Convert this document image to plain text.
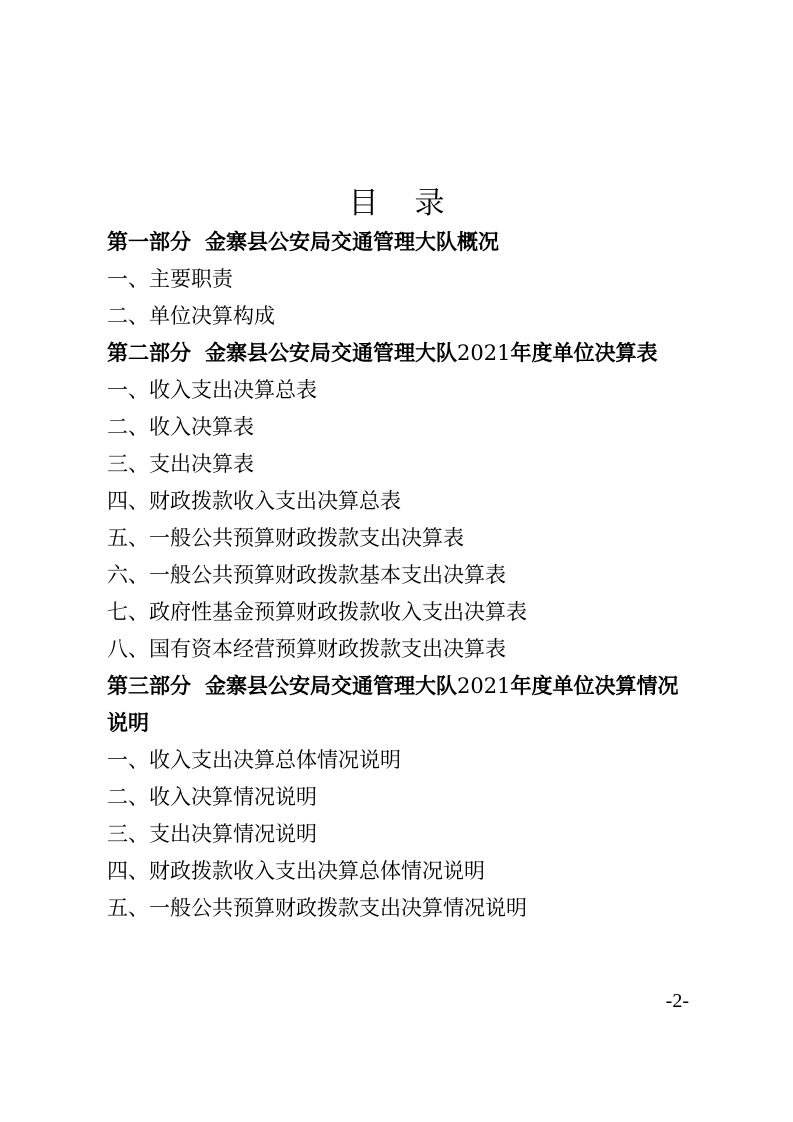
目 录
第一部分 金寨县公安局交通管理大队概况
一、主要职责
二、单位决算构成
第二部分 金寨县公安局交通管理大队2021年度单位决算表
一、收入支出决算总表
二、收入决算表
三、支出决算表
四、财政拨款收入支出决算总表
五、一般公共预算财政拨款支出决算表
六、一般公共预算财政拨款基本支出决算表
七、政府性基金预算财政拨款收入支出决算表
八、国有资本经营预算财政拨款支出决算表
第三部分 金寨县公安局交通管理大队2021年度单位决算情况说明
一、收入支出决算总体情况说明
二、收入决算情况说明
三、支出决算情况说明
四、财政拨款收入支出决算总体情况说明
五、一般公共预算财政拨款支出决算情况说明
-2-
